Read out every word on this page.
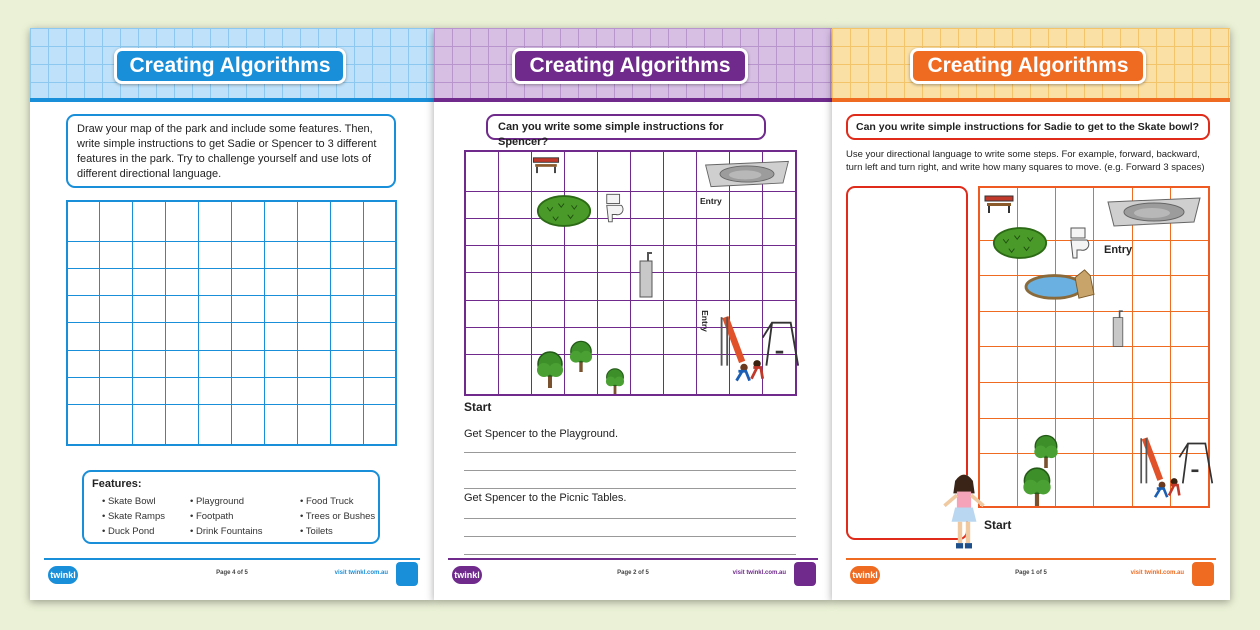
Creating Algorithms
Draw your map of the park and include some features. Then, write simple instructions to get Sadie or Spencer to 3 different features in the park. Try to challenge yourself and use lots of different directional language.

Features:
• Skate Bowl
• Skate Ramps
• Duck Pond
• Playground
• Footpath
• Drink Fountains
• Food Truck
• Trees or Bushes
• Toilets
twinkl	Page 4 of 5	visit twinkl.com.au
Creating Algorithms
Can you write some simple instructions for Spencer?

Entry
Entry
Start
Get Spencer to the Playground.
Get Spencer to the Picnic Tables.
twinkl	Page 2 of 5	visit twinkl.com.au
Creating Algorithms
Can you write simple instructions for Sadie to get to the Skate bowl?
Use your directional language to write some steps. For example, forward, backward, turn left and turn right, and write how many squares to move. (e.g. Forward 3 spaces)

Entry
Start
twinkl	Page 1 of 5	visit twinkl.com.au
